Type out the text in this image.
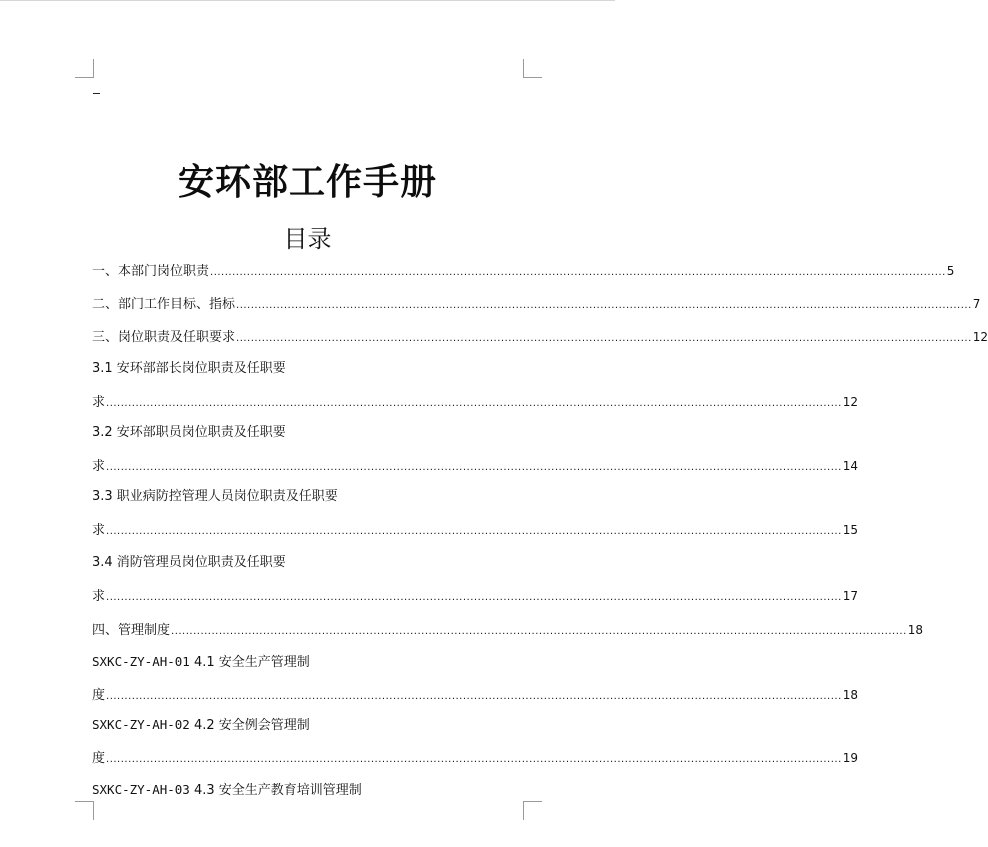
安环部工作手册
目录
一、本部门岗位职责 ........................................................................................................................................................................................................ 5
二、部门工作目标、指标 ........................................................................................................................................................................................................ 7
三、岗位职责及任职要求 ........................................................................................................................................................................................................ 12
3.1 安环部部长岗位职责及任职要
求 ........................................................................................................................................................................................................ 12
3.2 安环部职员岗位职责及任职要
求 ........................................................................................................................................................................................................ 14
3.3 职业病防控管理人员岗位职责及任职要
求 ........................................................................................................................................................................................................ 15
3.4 消防管理员岗位职责及任职要
求 ........................................................................................................................................................................................................ 17
四、管理制度 ........................................................................................................................................................................................................ 18
SXKC-ZY-AH-01 4.1 安全生产管理制
度 ........................................................................................................................................................................................................ 18
SXKC-ZY-AH-02 4.2 安全例会管理制
度 ........................................................................................................................................................................................................ 19
SXKC-ZY-AH-03 4.3 安全生产教育培训管理制
